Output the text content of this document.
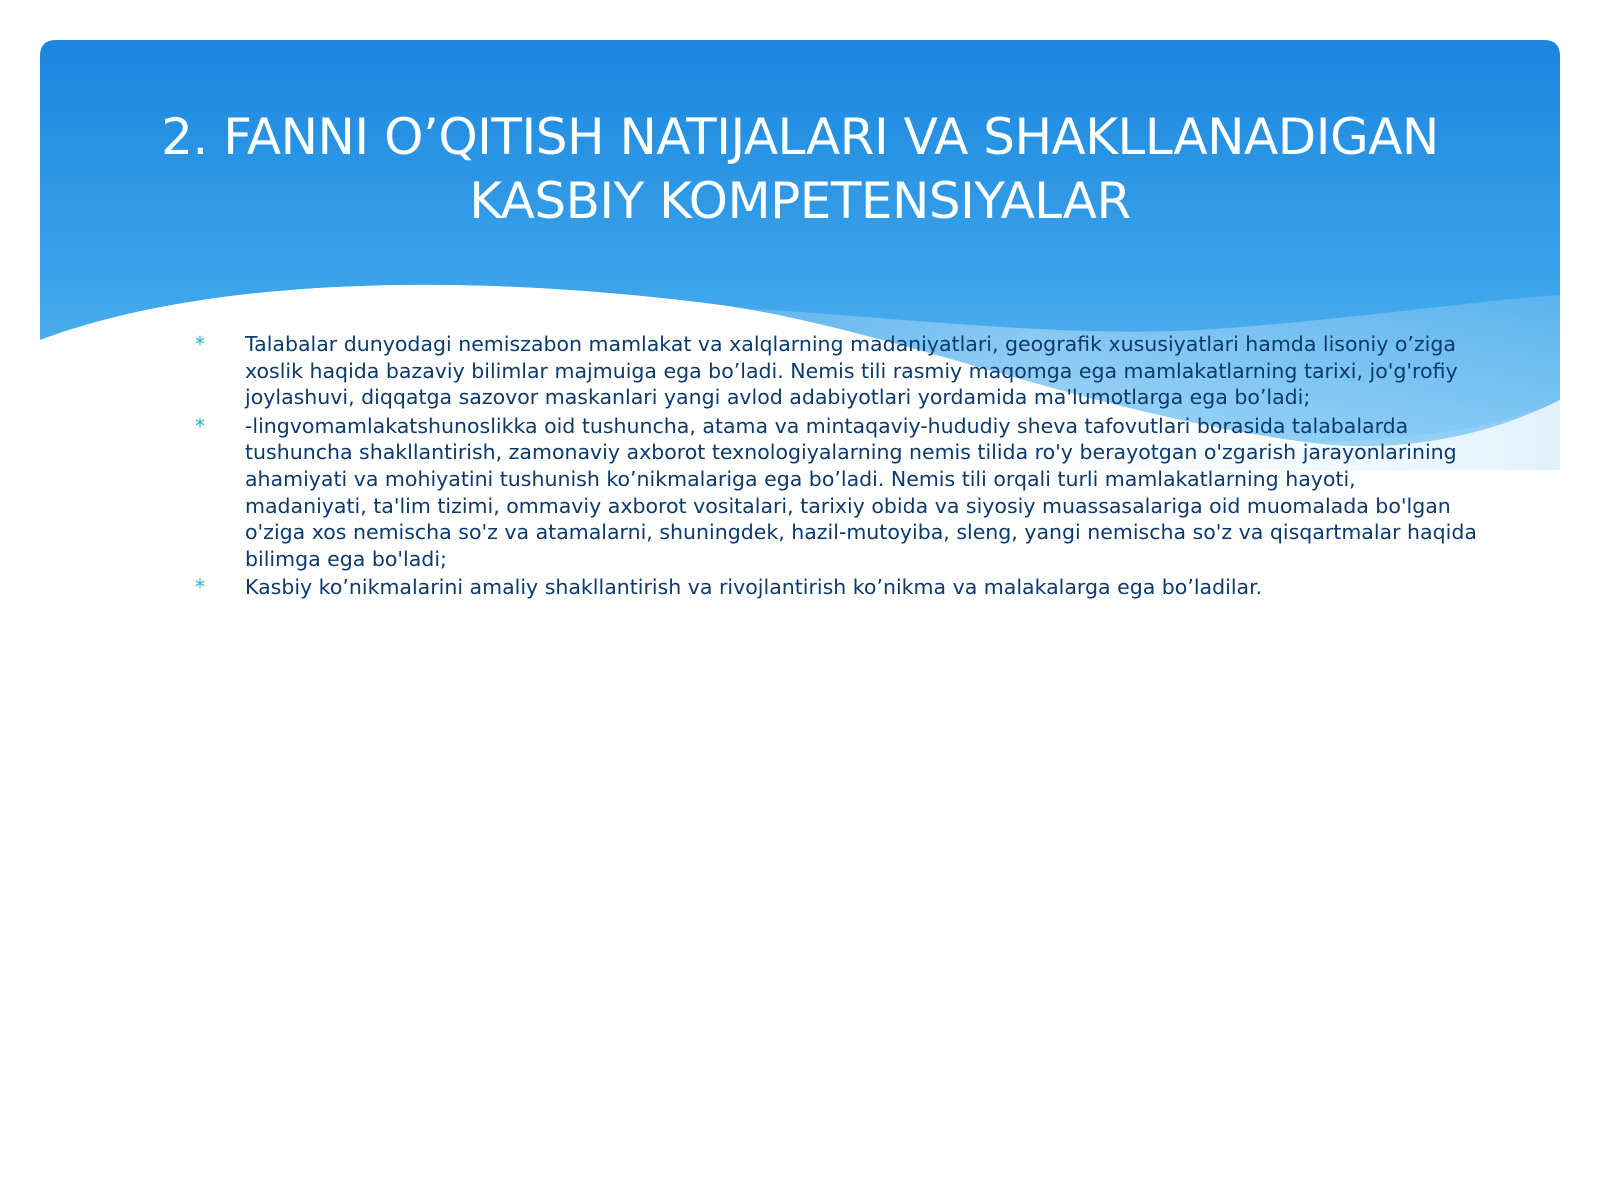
2. FANNI O’QITISH NATIJALARI VA SHAKLLANADIGAN KASBIY KOMPETENSIYALAR
* Talabalar dunyodagi nemiszabon mamlakat va xalqlarning madaniyatlari, geografik xususiyatlari hamda lisoniy o’ziga xoslik haqida bazaviy bilimlar majmuiga ega bo’ladi. Nemis tili rasmiy maqomga ega mamlakatlarning tarixi, jo'g'rofiy joylashuvi, diqqatga sazovor maskanlari yangi avlod adabiyotlari yordamida ma'lumotlarga ega bo’ladi;
* -lingvomamlakatshunoslikka oid tushuncha, atama va mintaqaviy-hududiy sheva tafovutlari borasida talabalarda tushuncha shakllantirish, zamonaviy axborot texnologiyalarning nemis tilida ro'y berayotgan o'zgarish jarayonlarining ahamiyati va mohiyatini tushunish ko’nikmalariga ega bo’ladi. Nemis tili orqali turli mamlakatlarning hayoti, madaniyati, ta'lim tizimi, ommaviy axborot vositalari, tarixiy obida va siyosiy muassasalariga oid muomalada bo'lgan o'ziga xos nemischa so'z va atamalarni, shuningdek, hazil-mutoyiba, sleng, yangi nemischa so'z va qisqartmalar haqida bilimga ega bo'ladi;
* Kasbiy ko’nikmalarini amaliy shakllantirish va rivojlantirish ko’nikma va malakalarga ega bo’ladilar.
